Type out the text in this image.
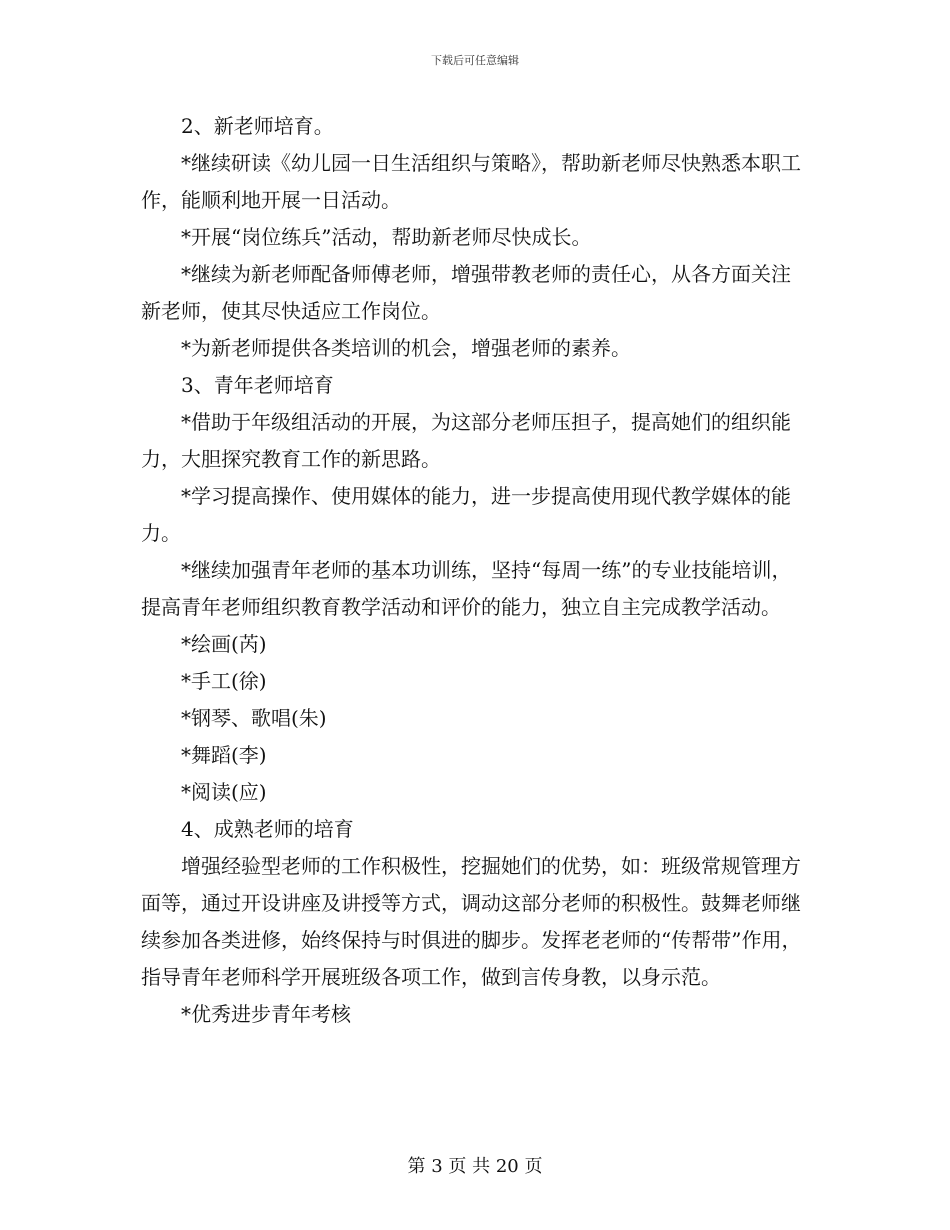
下载后可任意编辑

2、新老师培育。

*继续研读《幼儿园一日生活组织与策略》，帮助新老师尽快熟悉本职工作，能顺利地开展一日活动。

*开展“岗位练兵”活动，帮助新老师尽快成长。

*继续为新老师配备师傅老师，增强带教老师的责任心，从各方面关注新老师，使其尽快适应工作岗位。

*为新老师提供各类培训的机会，增强老师的素养。

3、青年老师培育

*借助于年级组活动的开展，为这部分老师压担子，提高她们的组织能力，大胆探究教育工作的新思路。

*学习提高操作、使用媒体的能力，进一步提高使用现代教学媒体的能力。

*继续加强青年老师的基本功训练，坚持“每周一练”的专业技能培训，提高青年老师组织教育教学活动和评价的能力，独立自主完成教学活动。

*绘画(芮)

*手工(徐)

*钢琴、歌唱(朱)

*舞蹈(李)

*阅读(应)

4、成熟老师的培育

增强经验型老师的工作积极性，挖掘她们的优势，如：班级常规管理方面等，通过开设讲座及讲授等方式，调动这部分老师的积极性。鼓舞老师继续参加各类进修，始终保持与时俱进的脚步。发挥老老师的“传帮带”作用，指导青年老师科学开展班级各项工作，做到言传身教，以身示范。

*优秀进步青年考核

第 3 页 共 20 页
